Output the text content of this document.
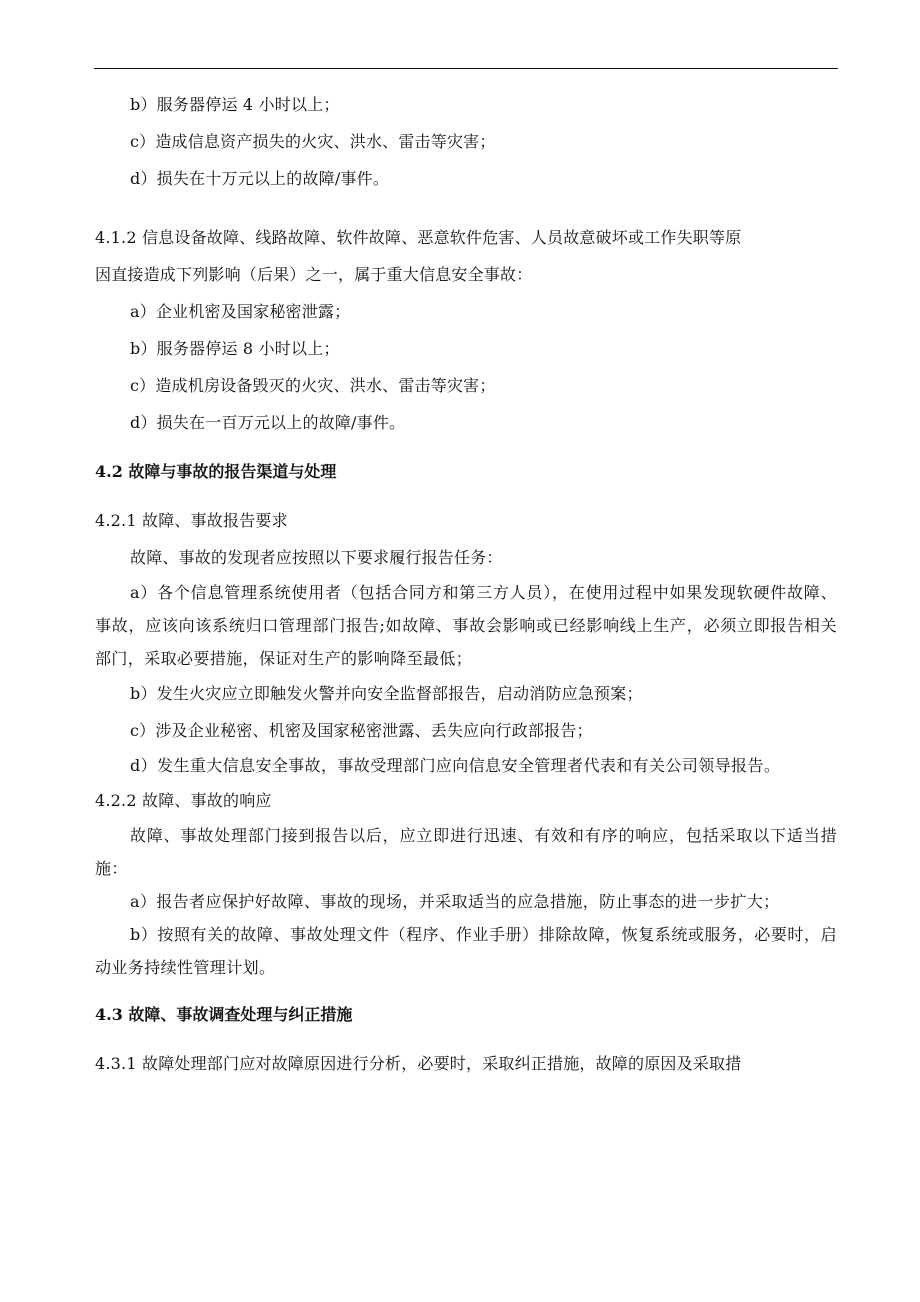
b）服务器停运 4 小时以上；
c）造成信息资产损失的火灾、洪水、雷击等灾害；
d）损失在十万元以上的故障/事件。
4.1.2 信息设备故障、线路故障、软件故障、恶意软件危害、人员故意破坏或工作失职等原
因直接造成下列影响（后果）之一，属于重大信息安全事故：
a）企业机密及国家秘密泄露；
b）服务器停运 8 小时以上；
c）造成机房设备毁灭的火灾、洪水、雷击等灾害；
d）损失在一百万元以上的故障/事件。
4.2 故障与事故的报告渠道与处理
4.2.1 故障、事故报告要求
故障、事故的发现者应按照以下要求履行报告任务：

a）各个信息管理系统使用者（包括合同方和第三方人员），在使用过程中如果发现软硬件故障、事故，应该向该系统归口管理部门报告;如故障、事故会影响或已经影响线上生产，必须立即报告相关部门，采取必要措施，保证对生产的影响降至最低；

b）发生火灾应立即触发火警并向安全监督部报告，启动消防应急预案；
c）涉及企业秘密、机密及国家秘密泄露、丢失应向行政部报告；

d）发生重大信息安全事故，事故受理部门应向信息安全管理者代表和有关公司领导报告。

4.2.2 故障、事故的响应

故障、事故处理部门接到报告以后，应立即进行迅速、有效和有序的响应，包括采取以下适当措施：

a）报告者应保护好故障、事故的现场，并采取适当的应急措施，防止事态的进一步扩大；

b）按照有关的故障、事故处理文件（程序、作业手册）排除故障，恢复系统或服务，必要时，启动业务持续性管理计划。

4.3 故障、事故调查处理与纠正措施
4.3.1 故障处理部门应对故障原因进行分析，必要时，采取纠正措施，故障的原因及采取措
